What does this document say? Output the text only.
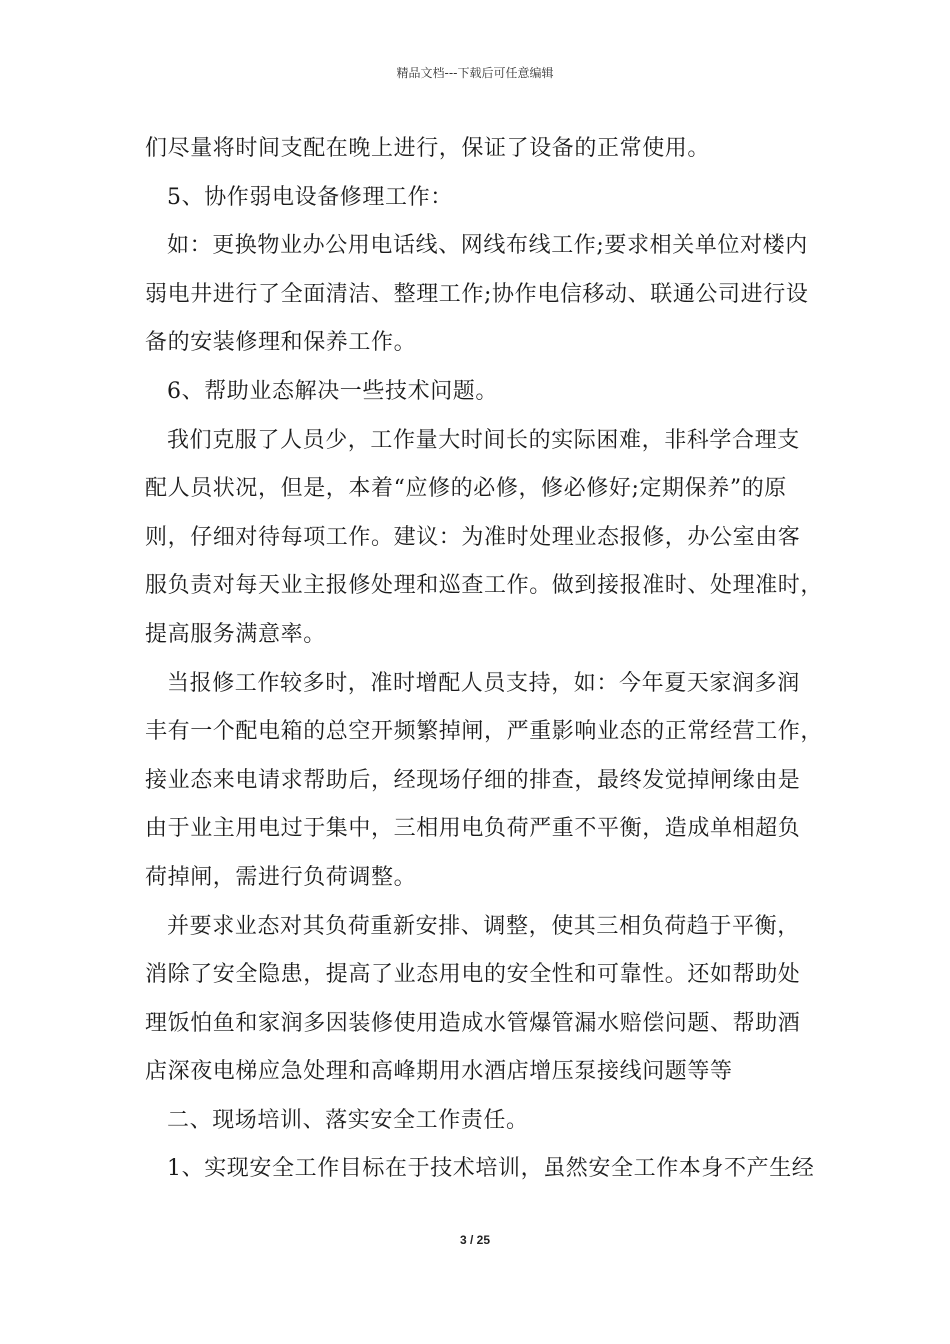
精品文档---下载后可任意编辑
们尽量将时间支配在晚上进行，保证了设备的正常使用。
5、协作弱电设备修理工作：
如：更换物业办公用电话线、网线布线工作;要求相关单位对楼内
弱电井进行了全面清洁、整理工作;协作电信移动、联通公司进行设
备的安装修理和保养工作。
6、帮助业态解决一些技术问题。
我们克服了人员少，工作量大时间长的实际困难，非科学合理支
配人员状况，但是，本着“应修的必修，修必修好;定期保养”的原
则，仔细对待每项工作。建议：为准时处理业态报修，办公室由客
服负责对每天业主报修处理和巡查工作。做到接报准时、处理准时，
提高服务满意率。
当报修工作较多时，准时增配人员支持，如：今年夏天家润多润
丰有一个配电箱的总空开频繁掉闸，严重影响业态的正常经营工作，
接业态来电请求帮助后，经现场仔细的排查，最终发觉掉闸缘由是
由于业主用电过于集中，三相用电负荷严重不平衡，造成单相超负
荷掉闸，需进行负荷调整。
并要求业态对其负荷重新安排、调整，使其三相负荷趋于平衡，
消除了安全隐患，提高了业态用电的安全性和可靠性。还如帮助处
理饭怕鱼和家润多因装修使用造成水管爆管漏水赔偿问题、帮助酒
店深夜电梯应急处理和高峰期用水酒店增压泵接线问题等等
二、现场培训、落实安全工作责任。
1、实现安全工作目标在于技术培训，虽然安全工作本身不产生经
3 / 25
